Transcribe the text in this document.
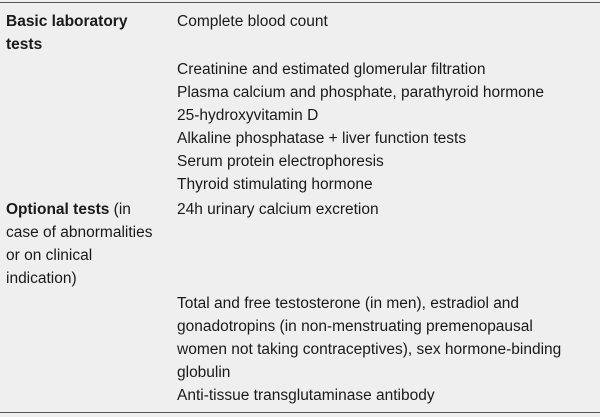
Basic laboratory tests
Complete blood count
Creatinine and estimated glomerular filtration
Plasma calcium and phosphate, parathyroid hormone
25-hydroxyvitamin D
Alkaline phosphatase + liver function tests
Serum protein electrophoresis
Thyroid stimulating hormone
Optional tests (in case of abnormalities or on clinical indication)
24h urinary calcium excretion
Total and free testosterone (in men), estradiol and
gonadotropins (in non-menstruating premenopausal
women not taking contraceptives), sex hormone-binding
globulin
Anti-tissue transglutaminase antibody
